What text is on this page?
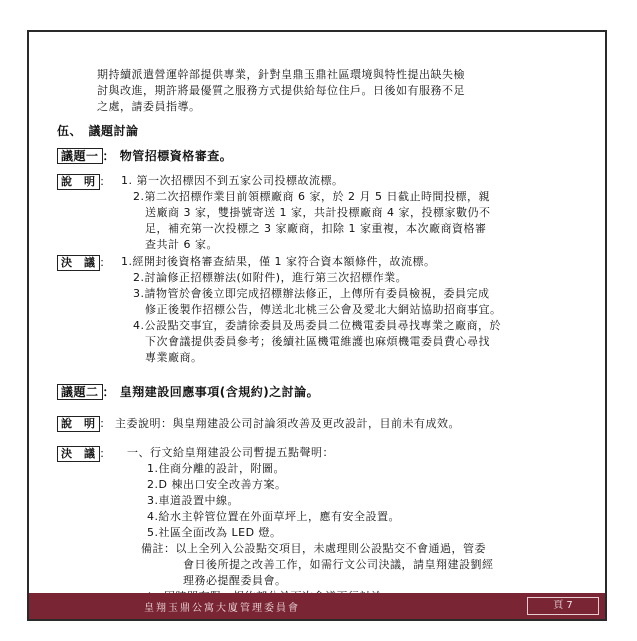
期持續派遣營運幹部提供專業，針對皇鼎玉鼎社區環境與特性提出缺失檢
討與改進，期許將最優質之服務方式提供給每位住戶。日後如有服務不足
之處，請委員指導。
伍、　議題討論
議題一 ： 物管招標資格審查。
說　明 ： 1. 第一次招標因不到五家公司投標故流標。
2.第二次招標作業目前領標廠商 6 家，於 2 月 5 日截止時間投標，親
送廠商 3 家，雙掛號寄送 1 家，共計投標廠商 4 家，投標家數仍不
足，補充第一次投標之 3 家廠商，扣除 1 家重複，本次廠商資格審
查共計 6 家。
決　議 ： 1.經開封後資格審查結果，僅 1 家符合資本額條件，故流標。
2.討論修正招標辦法(如附件)，進行第三次招標作業。
3.請物管於會後立即完成招標辦法修正，上傳所有委員檢視，委員完成
修正後製作招標公告，傳送北北桃三公會及愛北大網站協助招商事宜。
4.公設點交事宜，委請徐委員及馬委員二位機電委員尋找專業之廠商，於
下次會議提供委員參考；後續社區機電維護也麻煩機電委員費心尋找
專業廠商。
議題二 ： 皇翔建設回應事項(含規約)之討論。
說　明 ： 主委說明：與皇翔建設公司討論須改善及更改設計，目前未有成效。
決　議 ： 一、行文給皇翔建設公司暫提五點聲明：
1.住商分離的設計，附圖。
2.D 棟出口安全改善方案。
3.車道設置中線。
4.給水主幹管位置在外面草坪上，應有安全設置。
5.社區全面改為 LED 燈。
備註：以上全列入公設點交項目，未處理則公設點交不會通過，管委
會日後所提之改善工作，如需行文公司決議，請皇翔建設劉經
理務必提醒委員會。
皇翔玉鼎公寓大廈管理委員會	頁 7
